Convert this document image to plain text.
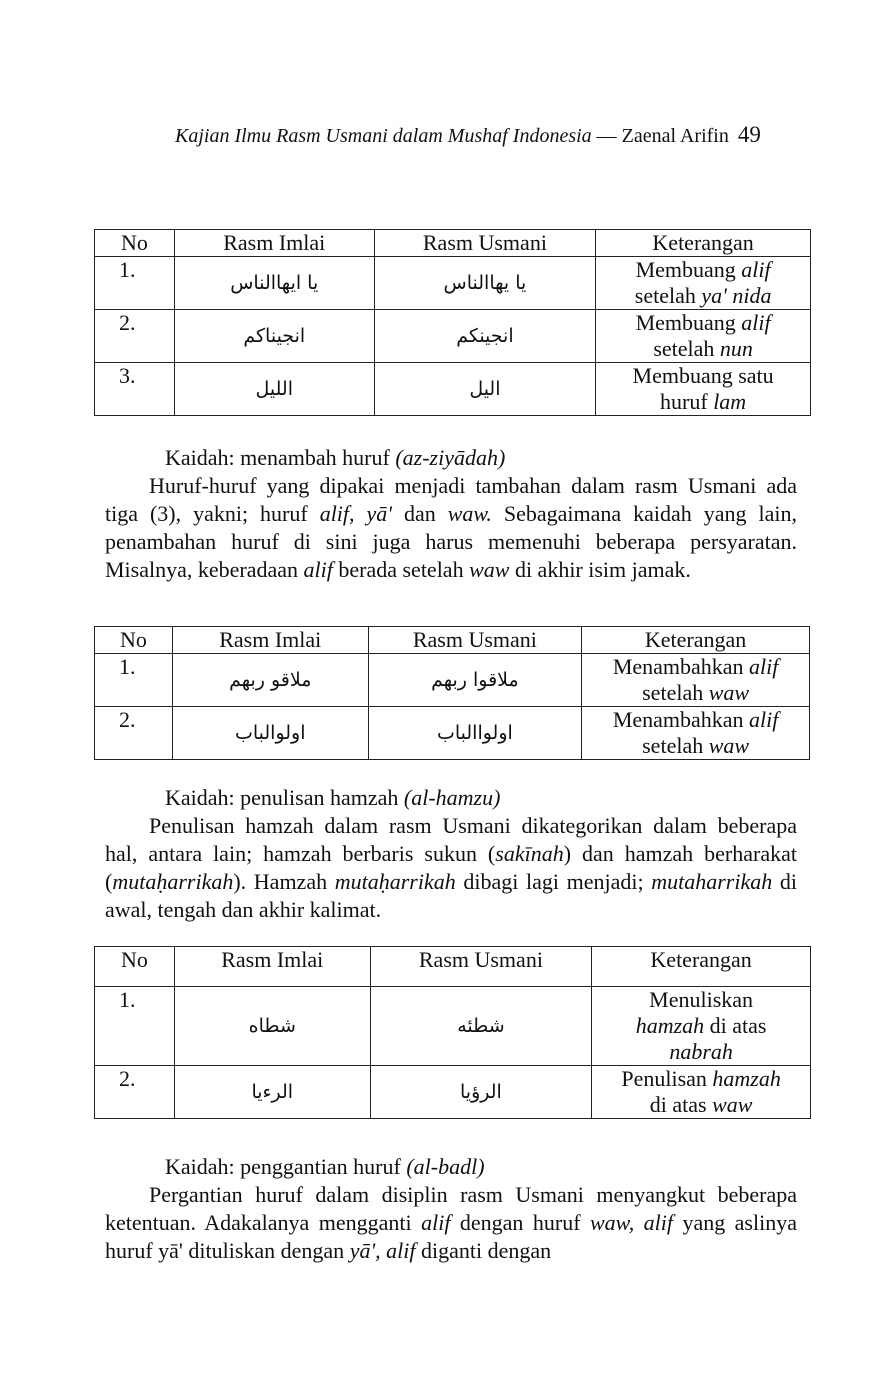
Kajian Ilmu Rasm Usmani dalam Mushaf Indonesia — Zaenal Arifin 49
No	Rasm Imlai	Rasm Usmani	Keterangan
1.	يا ايهاالناس	يا يهاالناس	Membuang alif
setelah ya' nida
2.	انجيناكم	انجينكم	Membuang alif
setelah nun
3.	الليل	اليل	Membuang satu
huruf lam

Kaidah: menambah huruf (az-ziyādah)

Huruf-huruf yang dipakai menjadi tambahan dalam rasm Usmani ada tiga (3), yakni; huruf alif, yā' dan waw. Sebagaimana kaidah yang lain, penambahan huruf di sini juga harus memenuhi beberapa persyaratan. Misalnya, keberadaan alif berada setelah waw di akhir isim jamak.

No	Rasm Imlai	Rasm Usmani	Keterangan
1.	ملاقو ربهم	ملاقوا ربهم	Menambahkan alif
setelah waw
2.	اولوالباب	اولواالباب	Menambahkan alif
setelah waw

Kaidah: penulisan hamzah (al-hamzu)

Penulisan hamzah dalam rasm Usmani dikategorikan dalam beberapa hal, antara lain; hamzah berbaris sukun (sakīnah) dan hamzah berharakat (mutaḥarrikah). Hamzah mutaḥarrikah dibagi lagi menjadi; mutaharrikah di awal, tengah dan akhir kalimat.

No	Rasm Imlai	Rasm Usmani	Keterangan
1.	شطاه	شطئه	Menuliskan
hamzah di atas
nabrah
2.	الرءيا	الرؤيا	Penulisan hamzah
di atas waw

Kaidah: penggantian huruf (al-badl)

Pergantian huruf dalam disiplin rasm Usmani menyangkut beberapa ketentuan. Adakalanya mengganti alif dengan huruf waw, alif yang aslinya huruf yā' dituliskan dengan yā', alif diganti dengan
